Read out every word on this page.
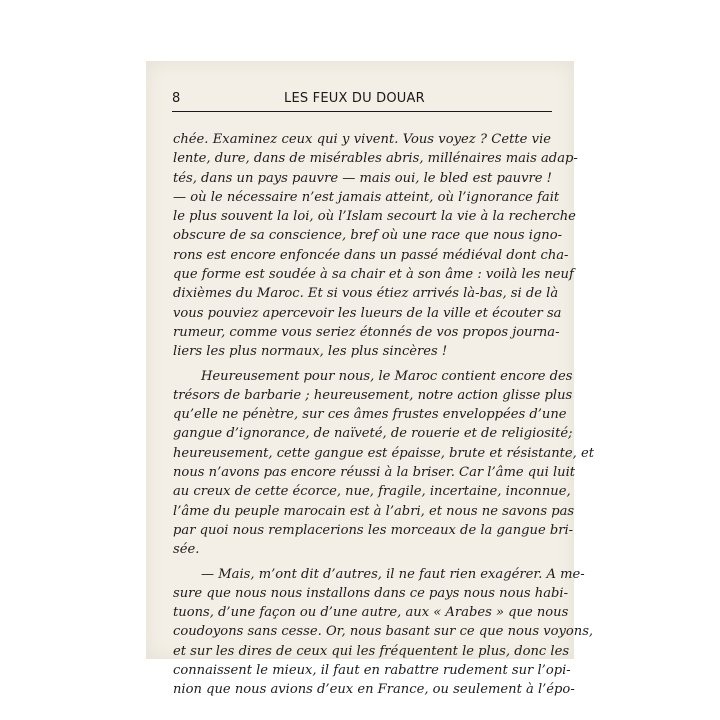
8	LES FEUX DU DOUAR
chée. Examinez ceux qui y vivent. Vous voyez ? Cette vie
lente, dure, dans de misérables abris, millénaires mais adap-
tés, dans un pays pauvre — mais oui, le bled est pauvre !
— où le nécessaire n’est jamais atteint, où l’ignorance fait
le plus souvent la loi, où l’Islam secourt la vie à la recherche
obscure de sa conscience, bref où une race que nous igno-
rons est encore enfoncée dans un passé médiéval dont cha-
que forme est soudée à sa chair et à son âme : voilà les neuf
dixièmes du Maroc. Et si vous étiez arrivés là-bas, si de là
vous pouviez apercevoir les lueurs de la ville et écouter sa
rumeur, comme vous seriez étonnés de vos propos journa-
liers les plus normaux, les plus sincères !
Heureusement pour nous, le Maroc contient encore des
trésors de barbarie ; heureusement, notre action glisse plus
qu’elle ne pénètre, sur ces âmes frustes enveloppées d’une
gangue d’ignorance, de naïveté, de rouerie et de religiosité;
heureusement, cette gangue est épaisse, brute et résistante, et
nous n’avons pas encore réussi à la briser. Car l’âme qui luit
au creux de cette écorce, nue, fragile, incertaine, inconnue,
l’âme du peuple marocain est à l’abri, et nous ne savons pas
par quoi nous remplacerions les morceaux de la gangue bri-
sée.
— Mais, m’ont dit d’autres, il ne faut rien exagérer. A me-
sure que nous nous installons dans ce pays nous nous habi-
tuons, d’une façon ou d’une autre, aux « Arabes » que nous
coudoyons sans cesse. Or, nous basant sur ce que nous voyons,
et sur les dires de ceux qui les fréquentent le plus, donc les
connaissent le mieux, il faut en rabattre rudement sur l’opi-
nion que nous avions d’eux en France, ou seulement à l’épo-
